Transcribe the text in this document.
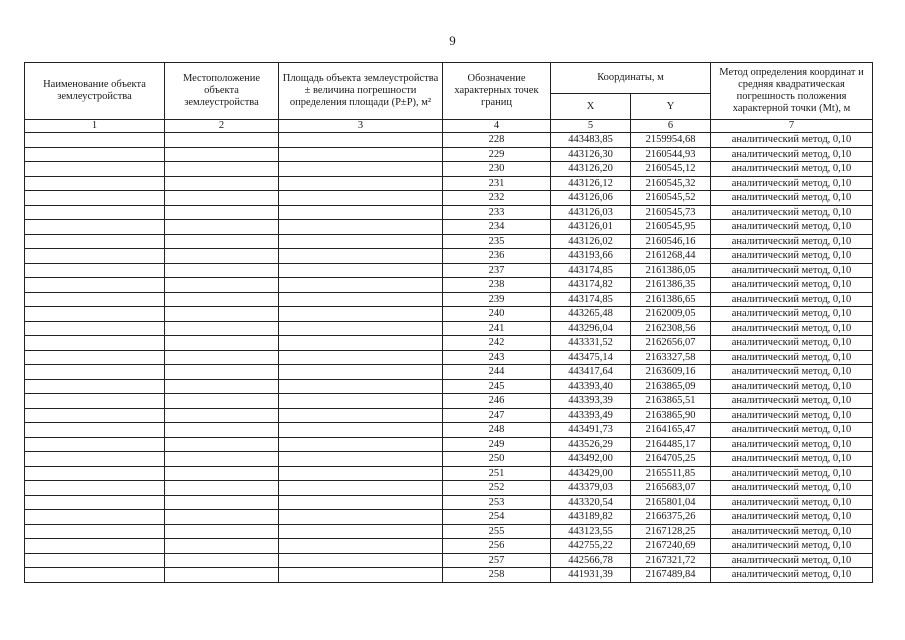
9
Наименование объекта землеустройства	Местоположение объекта землеустройства	Площадь объекта землеустройства ± величина погрешности определения площади (Р±Р), м²	Обозначение характерных точек границ	Координаты, м		Метод определения координат и средняя квадратическая погрешность положения характерной точки (Mt), м
				X	Y	
1	2	3	4	5	6	7
			228	443483,85	2159954,68	аналитический метод, 0,10
			229	443126,30	2160544,93	аналитический метод, 0,10
			230	443126,20	2160545,12	аналитический метод, 0,10
			231	443126,12	2160545,32	аналитический метод, 0,10
			232	443126,06	2160545,52	аналитический метод, 0,10
			233	443126,03	2160545,73	аналитический метод, 0,10
			234	443126,01	2160545,95	аналитический метод, 0,10
			235	443126,02	2160546,16	аналитический метод, 0,10
			236	443193,66	2161268,44	аналитический метод, 0,10
			237	443174,85	2161386,05	аналитический метод, 0,10
			238	443174,82	2161386,35	аналитический метод, 0,10
			239	443174,85	2161386,65	аналитический метод, 0,10
			240	443265,48	2162009,05	аналитический метод, 0,10
			241	443296,04	2162308,56	аналитический метод, 0,10
			242	443331,52	2162656,07	аналитический метод, 0,10
			243	443475,14	2163327,58	аналитический метод, 0,10
			244	443417,64	2163609,16	аналитический метод, 0,10
			245	443393,40	2163865,09	аналитический метод, 0,10
			246	443393,39	2163865,51	аналитический метод, 0,10
			247	443393,49	2163865,90	аналитический метод, 0,10
			248	443491,73	2164165,47	аналитический метод, 0,10
			249	443526,29	2164485,17	аналитический метод, 0,10
			250	443492,00	2164705,25	аналитический метод, 0,10
			251	443429,00	2165511,85	аналитический метод, 0,10
			252	443379,03	2165683,07	аналитический метод, 0,10
			253	443320,54	2165801,04	аналитический метод, 0,10
			254	443189,82	2166375,26	аналитический метод, 0,10
			255	443123,55	2167128,25	аналитический метод, 0,10
			256	442755,22	2167240,69	аналитический метод, 0,10
			257	442566,78	2167321,72	аналитический метод, 0,10
			258	441931,39	2167489,84	аналитический метод, 0,10
